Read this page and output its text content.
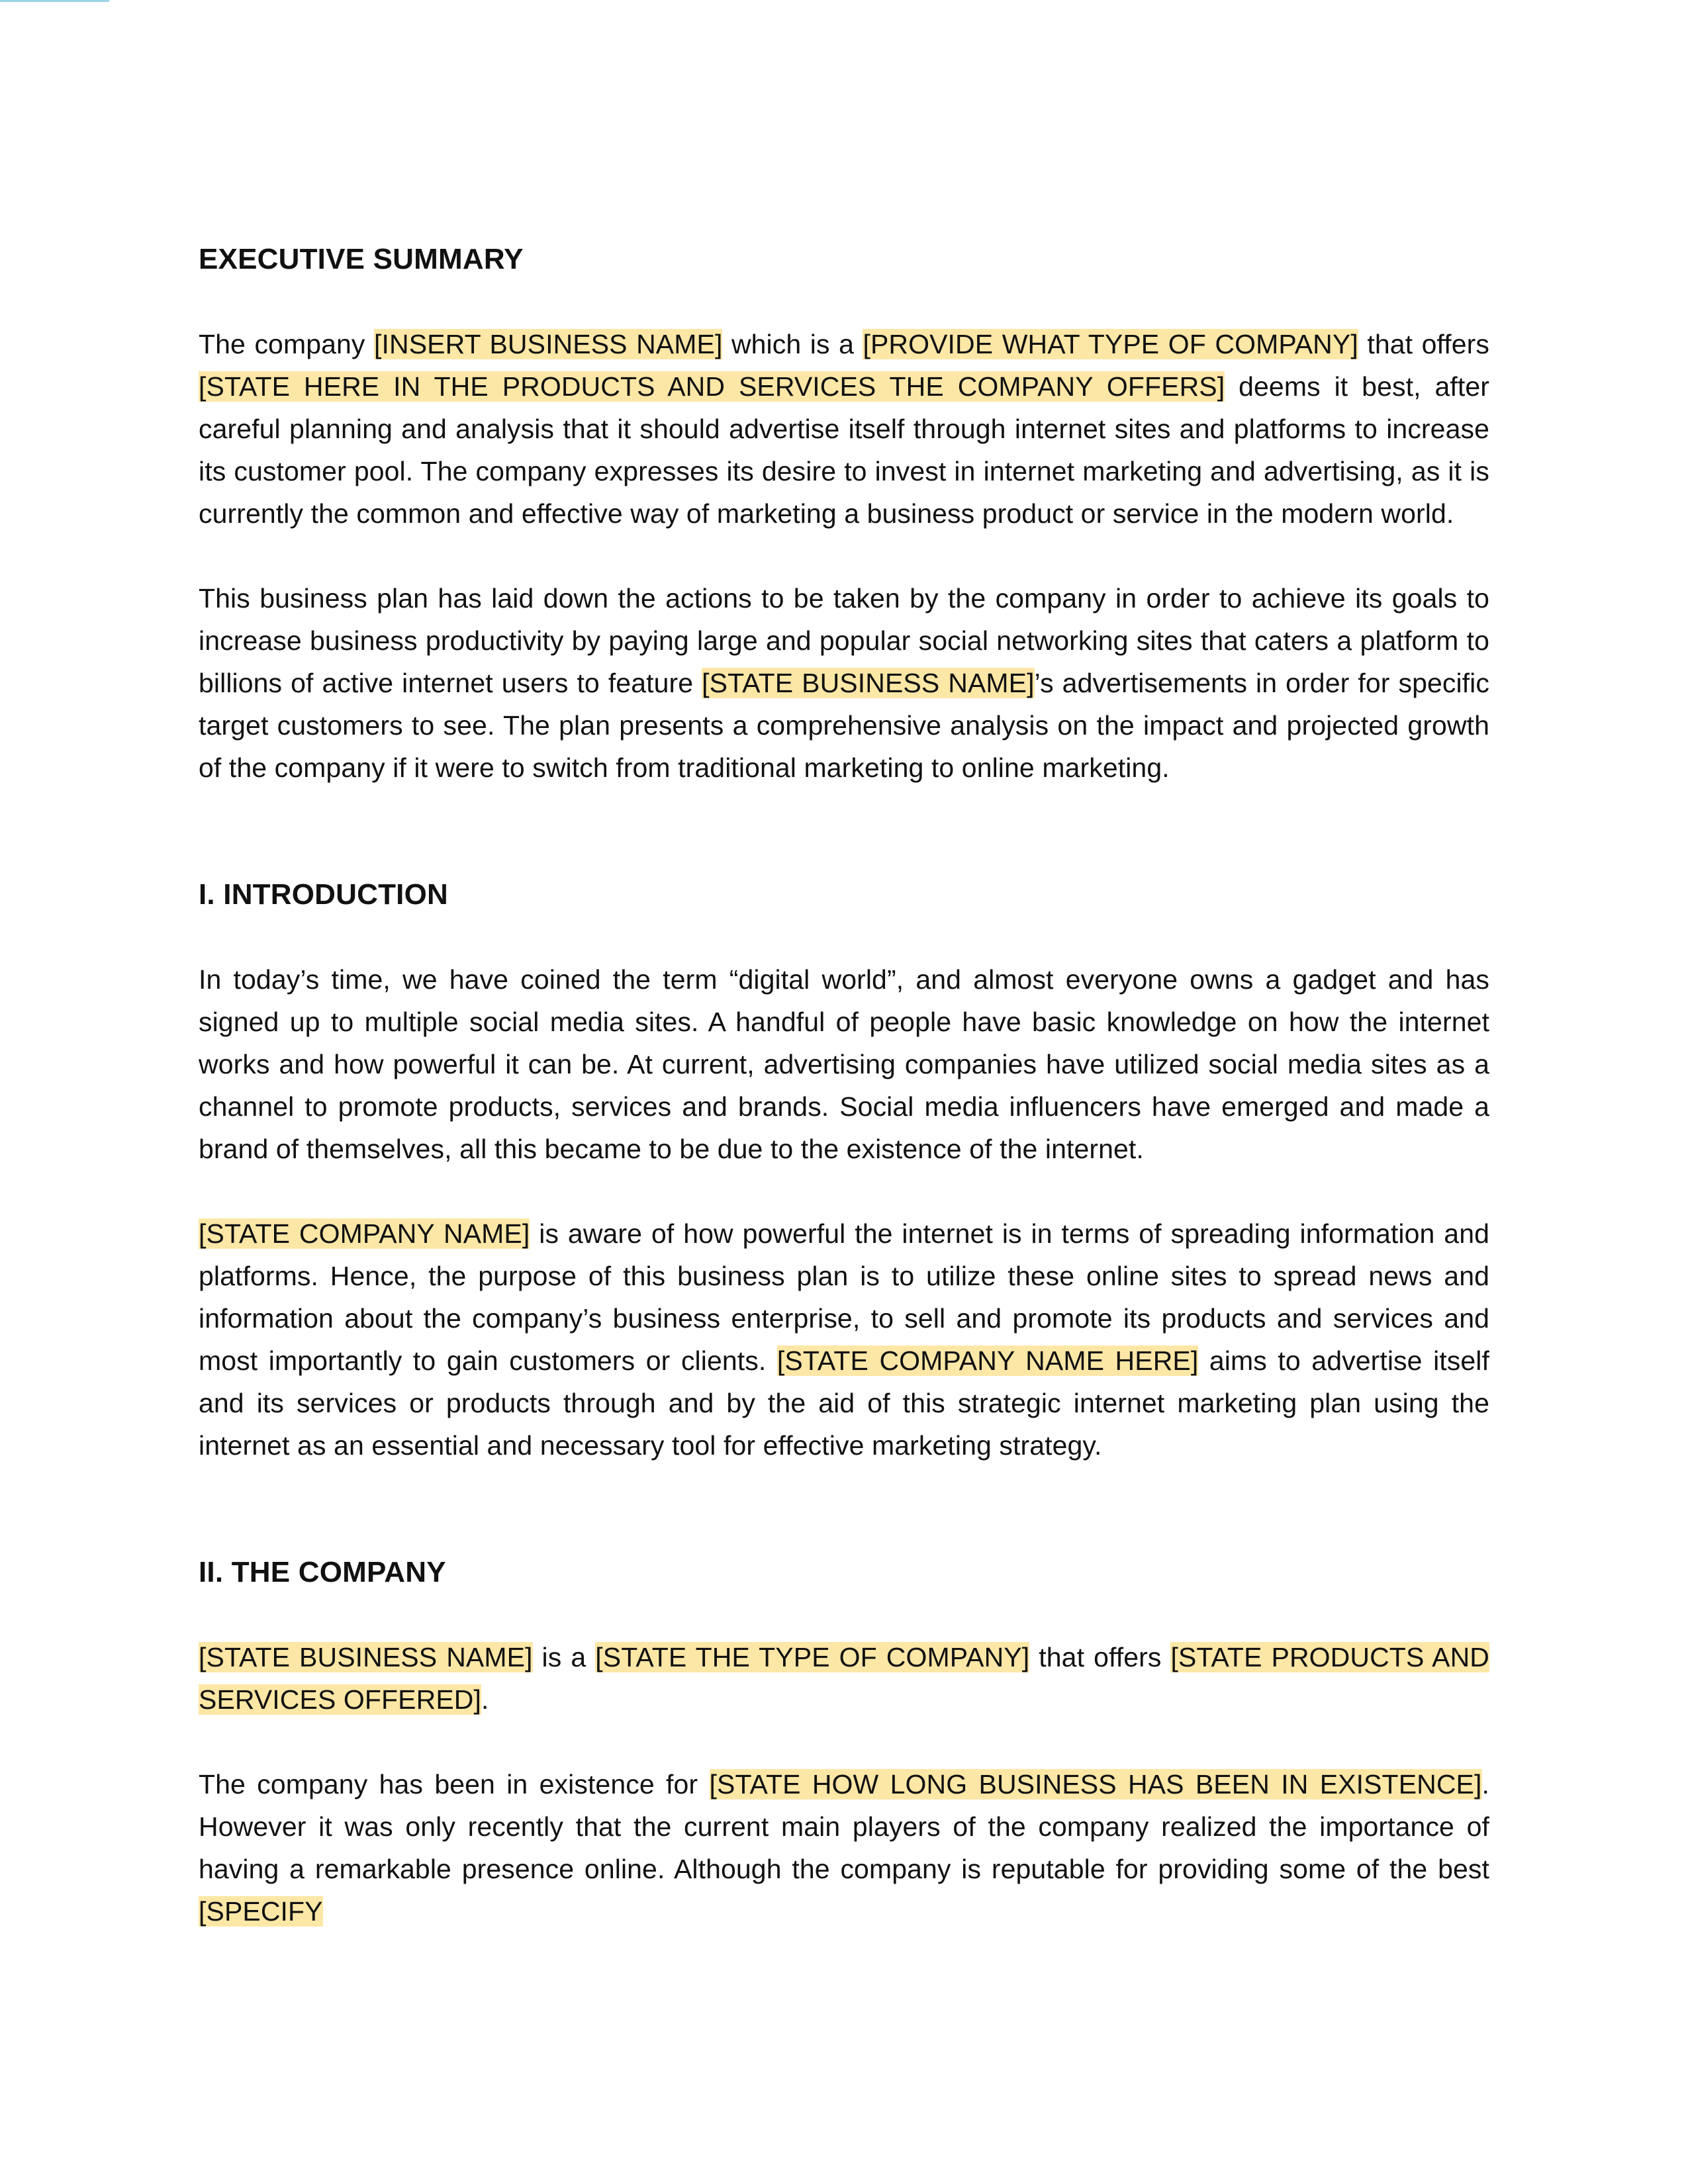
EXECUTIVE SUMMARY

The company [INSERT BUSINESS NAME] which is a [PROVIDE WHAT TYPE OF COMPANY] that offers [STATE HERE IN THE PRODUCTS AND SERVICES THE COMPANY OFFERS] deems it best, after careful planning and analysis that it should advertise itself through internet sites and platforms to increase its customer pool. The company expresses its desire to invest in internet marketing and advertising, as it is currently the common and effective way of marketing a business product or service in the modern world.

This business plan has laid down the actions to be taken by the company in order to achieve its goals to increase business productivity by paying large and popular social networking sites that caters a platform to billions of active internet users to feature [STATE BUSINESS NAME]’s advertisements in order for specific target customers to see. The plan presents a comprehensive analysis on the impact and projected growth of the company if it were to switch from traditional marketing to online marketing.

I. INTRODUCTION

In today’s time, we have coined the term “digital world”, and almost everyone owns a gadget and has signed up to multiple social media sites. A handful of people have basic knowledge on how the internet works and how powerful it can be. At current, advertising companies have utilized social media sites as a channel to promote products, services and brands. Social media influencers have emerged and made a brand of themselves, all this became to be due to the existence of the internet.

[STATE COMPANY NAME] is aware of how powerful the internet is in terms of spreading information and platforms. Hence, the purpose of this business plan is to utilize these online sites to spread news and information about the company’s business enterprise, to sell and promote its products and services and most importantly to gain customers or clients. [STATE COMPANY NAME HERE] aims to advertise itself and its services or products through and by the aid of this strategic internet marketing plan using the internet as an essential and necessary tool for effective marketing strategy.

II. THE COMPANY

[STATE BUSINESS NAME] is a [STATE THE TYPE OF COMPANY] that offers [STATE PRODUCTS AND SERVICES OFFERED].

The company has been in existence for [STATE HOW LONG BUSINESS HAS BEEN IN EXISTENCE]. However it was only recently that the current main players of the company realized the importance of having a remarkable presence online. Although the company is reputable for providing some of the best [SPECIFY
